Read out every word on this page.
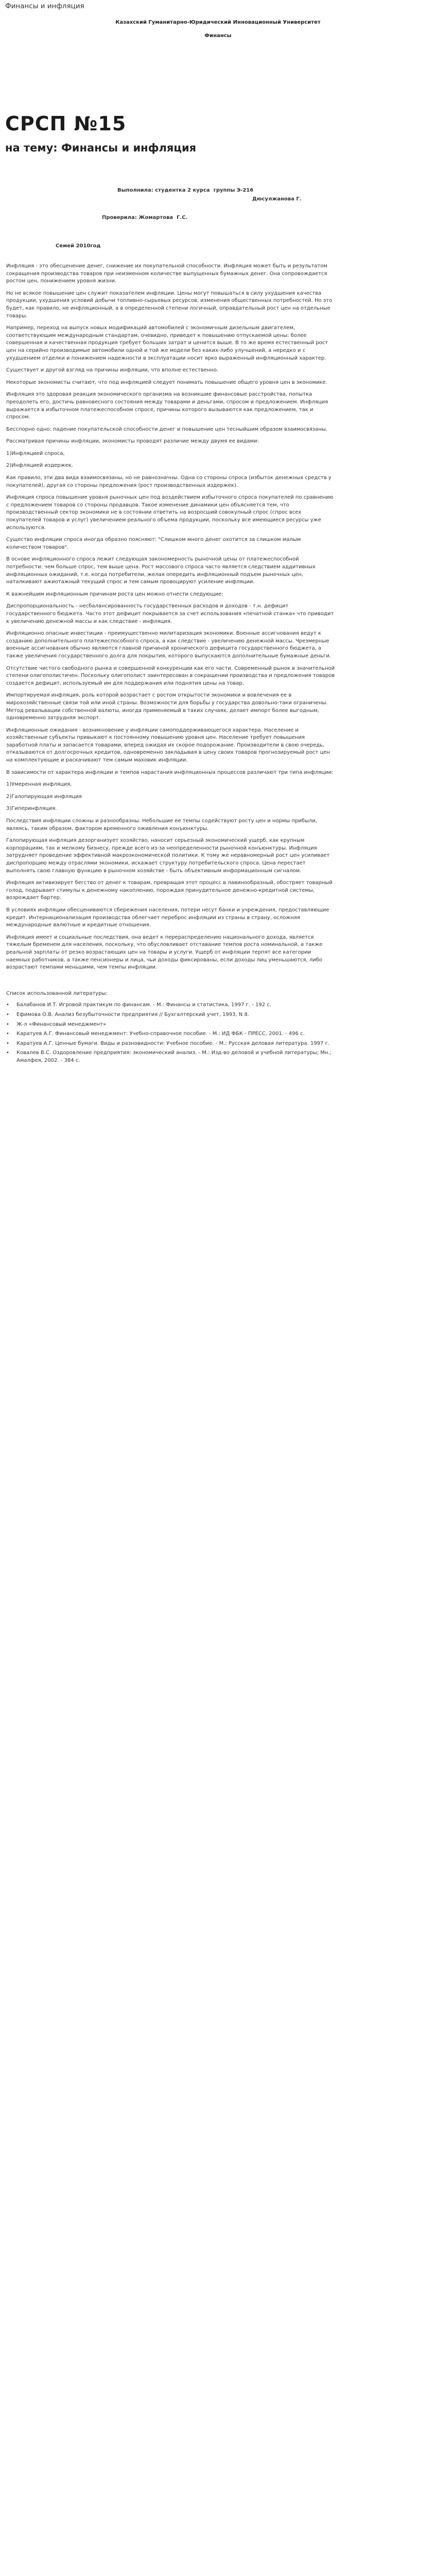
Финансы и инфляция
Казахский Гуманитарно-Юридический Инновационный Университет
Финансы
СРСП №15
на тему: Финансы и инфляция
Выполнила: студентка 2 курса  группы Э-216
Дюсулжанова Г.
Проверила: Жомартова  Г.С.
Семей 2010год

Инфляция - это обесценение денег, снижение их покупательной способности. Инфляция может быть и результатом сокращения производства товаров при неизменном количестве выпущенных бумажных денег. Она сопровождается ростом цен, понижением уровня жизни.

Но не всякое повышение цен служит показателем инфляции. Цены могут повышаться в силу ухудшения качества продукции, ухудшения условий добычи топливно-сырьевых ресурсов, изменения общественных потребностей. Но это будет, как правило, не инфляционный, а в определенной степени логичный, оправдательный рост цен на отдельные товары.

Например, переход на выпуск новых модификаций автомобилей с экономичным дизельным двигателем, соответствующим международным стандартам, очевидно, приведет к повышению отпускаемой цены: более совершенная и качественная продукция требует больших затрат и ценится выше. В то же время естественный рост цен на серийно производимые автомобили одной и той же модели без каких-либо улучшений, а нередко и с ухудшением отделки и понижением надежности в эксплуатации носит ярко выраженный инфляционный характер.

Существует и другой взгляд на причины инфляции, что вполне естественно.

Некоторые экономисты считают, что под инфляцией следует понимать повышение общего уровня цен в экономике.

Инфляция это здоровая реакция экономического организма на возникшие финансовые расстройства, попытка преодолеть его, достичь равновесного состояния между товарами и деньгами, спросом и предложением. Инфляция выражается в избыточном платежеспособном спросе, причины которого вызываются как предложением, так и спросом.

Бесспорно одно: падение покупательской способности денег и повышение цен тесныйшим образом взаимосвязаны.

Рассматривая причины инфляции, экономисты проводят различие между двумя ее видами:

1)Инфляцией спроса,

2)Инфляцией издержек.

Как правило, эти два вида взаимосвязаны, но не равнозначны. Одна со стороны спроса (избыток денежных средств у покупателей), другая со стороны предложения (рост производственных издержек).

Инфляция спроса повышение уровня рыночных цен под воздействием избыточного спроса покупателей по сравнению с предложением товаров со стороны продавцов. Такое изменение динамики цен объясняется тем, что производственный сектор экономики не в состоянии ответить на возросший совокупный спрос (спрос всех покупателей товаров и услуг) увеличением реального объема продукции, поскольку все имеющиеся ресурсы уже используются.

Существо инфляции спроса иногда образно поясняют: "Слишком много денег охотится за слишком малым количеством товаров".

В основе инфляционного спроса лежит следующая закономерность рыночной цены от платежеспособной потребности: чем больше спрос, тем выше цена. Рост массового спроса часто является следствием аддитивных инфляционных ожиданий, т.е. когда потребители, желая опередить инфляционный подъем рыночных цен, наталкивают ажиотажный текущий спрос и тем самым провоцируют усиление инфляции.

К важнейшим инфляционным причинам роста цен можно отнести следующие:

Диспропорциональность - несбалансированность государственных расходов и доходов - т.н. дефицит государственного бюджета. Часто этот дефицит покрывается за счет использования «печатной станка» что приводит к увеличению денежной массы и как следствие - инфляция.

Инфляционно опасные инвестиции - преимущественно милитаризация экономики. Военные ассигнования ведут к созданию дополнительного платежеспособного спроса, а как следствие - увеличению денежной массы. Чрезмерные военные ассигнования обычно являются главной причиной хронического дефицита государственного бюджета, а также увеличения государственного долга для покрытия, которого выпускаются дополнительные бумажные деньги.

Отсутствие чистого свободного рынка и совершенной конкуренции как его части. Современный рынок в значительной степени олигополистичен. Поскольку олигополист заинтересован в сокращении производства и предложения товаров создается дефицит, используемый им для поддержания или поднятия цены на товар.

Импортируемая инфляция, роль которой возрастает с ростом открытости экономики и вовлечения ее в мирохозяйственные связи той или иной страны. Возможности для борьбы у государства довольно-таки ограничены. Метод ревальвации собственной валюты, иногда применяемый в таких случаях, делает импорт более выгодным, одновременно затрудняя экспорт.

Инфляционные ожидания - возникновение у инфляции самоподдерживающегося характера. Население и хозяйственные субъекты привыкают к постоянному повышению уровня цен. Население требует повышения заработной платы и запасается товарами, вперед ожидая их скорое подорожание. Производители в свою очередь, отказываются от долгосрочных кредитов, одновременно закладывая в цену своих товаров прогнозируемый рост цен на комплектующие и раскачивают тем самым маховик инфляции.

В зависимости от характера инфляции и темпов нарастания инфляционных процессов различают три типа инфляции:

1)Умеренная инфляция,

2)Галопирующая инфляция

3)Гиперинфляция.

Последствия инфляции сложны и разнообразны. Небольшие ее темпы содействуют росту цен и нормы прибыли, являясь, таким образом, фактором временного оживления конъюнктуры.

Галопирующая инфляция дезорганизует хозяйство, наносит серьезный экономический ущерб, как крупным корпорациям, так и мелкому бизнесу, прежде всего из-за неопределенности рыночной конъюнктуры. Инфляция затрудняет проведение эффективной макроэкономической политики. К тому же неравномерный рост цен усиливает диспропорцию между отраслями экономики, искажает структуру потребительского спроса. Цена перестает выполнять свою главную функцию в рыночном хозяйстве - быть объективным информационным сигналом.

Инфляция активизирует бегство от денег к товарам, превращая этот процесс в лавинообразный, обостряет товарный голод, подрывает стимулы к денежному накоплению, порождая принудительное денежно-кредитной системы, возрождает бартер.

В условиях инфляции обесцениваются сбережения населения, потери несут банки и учреждения, предоставляющие кредит. Интернационализация производства облегчает переброс инфляции из страны в страну, осложняя международные валютные и кредитные отношения.

Инфляция имеет и социальные последствия, она ведет к перераспределению национального дохода, является тяжелым бременем для населения, поскольку, что обусловливает отставание темпов роста номинальной, а также реальной зарплаты от резко возрастающих цен на товары и услуги. Ущерб от инфляции терпят все категории наемных работников, а также пенсионеры и лица, чьи доходы фиксированы, если доходы лиц уменьшаются, либо возрастают темпами меньшими, чем темпы инфляции.

Список использованной литературы:
• Балабанов И.Т. Игровой практикум по финансам. - М.: Финансы и статистика, 1997 г. - 192 с.
• Ефимова О.В. Анализ безубыточности предприятия // Бухгалтерский учет, 1993, N 8.
• Ж-л «Финансовый менеджмент»
• Каратуев А.Г. Финансовый менеджмент: Учебно-справочное пособие. - М.: ИД ФБК - ПРЕСС, 2001. - 496 с.
• Каратуев А.Г. Ценные бумаги. Виды и разновидности: Учебное пособие. - М.: Русская деловая литература. 1997 г.
• Ковалев В.С. Оздоровление предприятия: экономический анализ. - М.: Изд-во деловой и учебной литературы; Мн.; Амалфея, 2002. - 384 с.
